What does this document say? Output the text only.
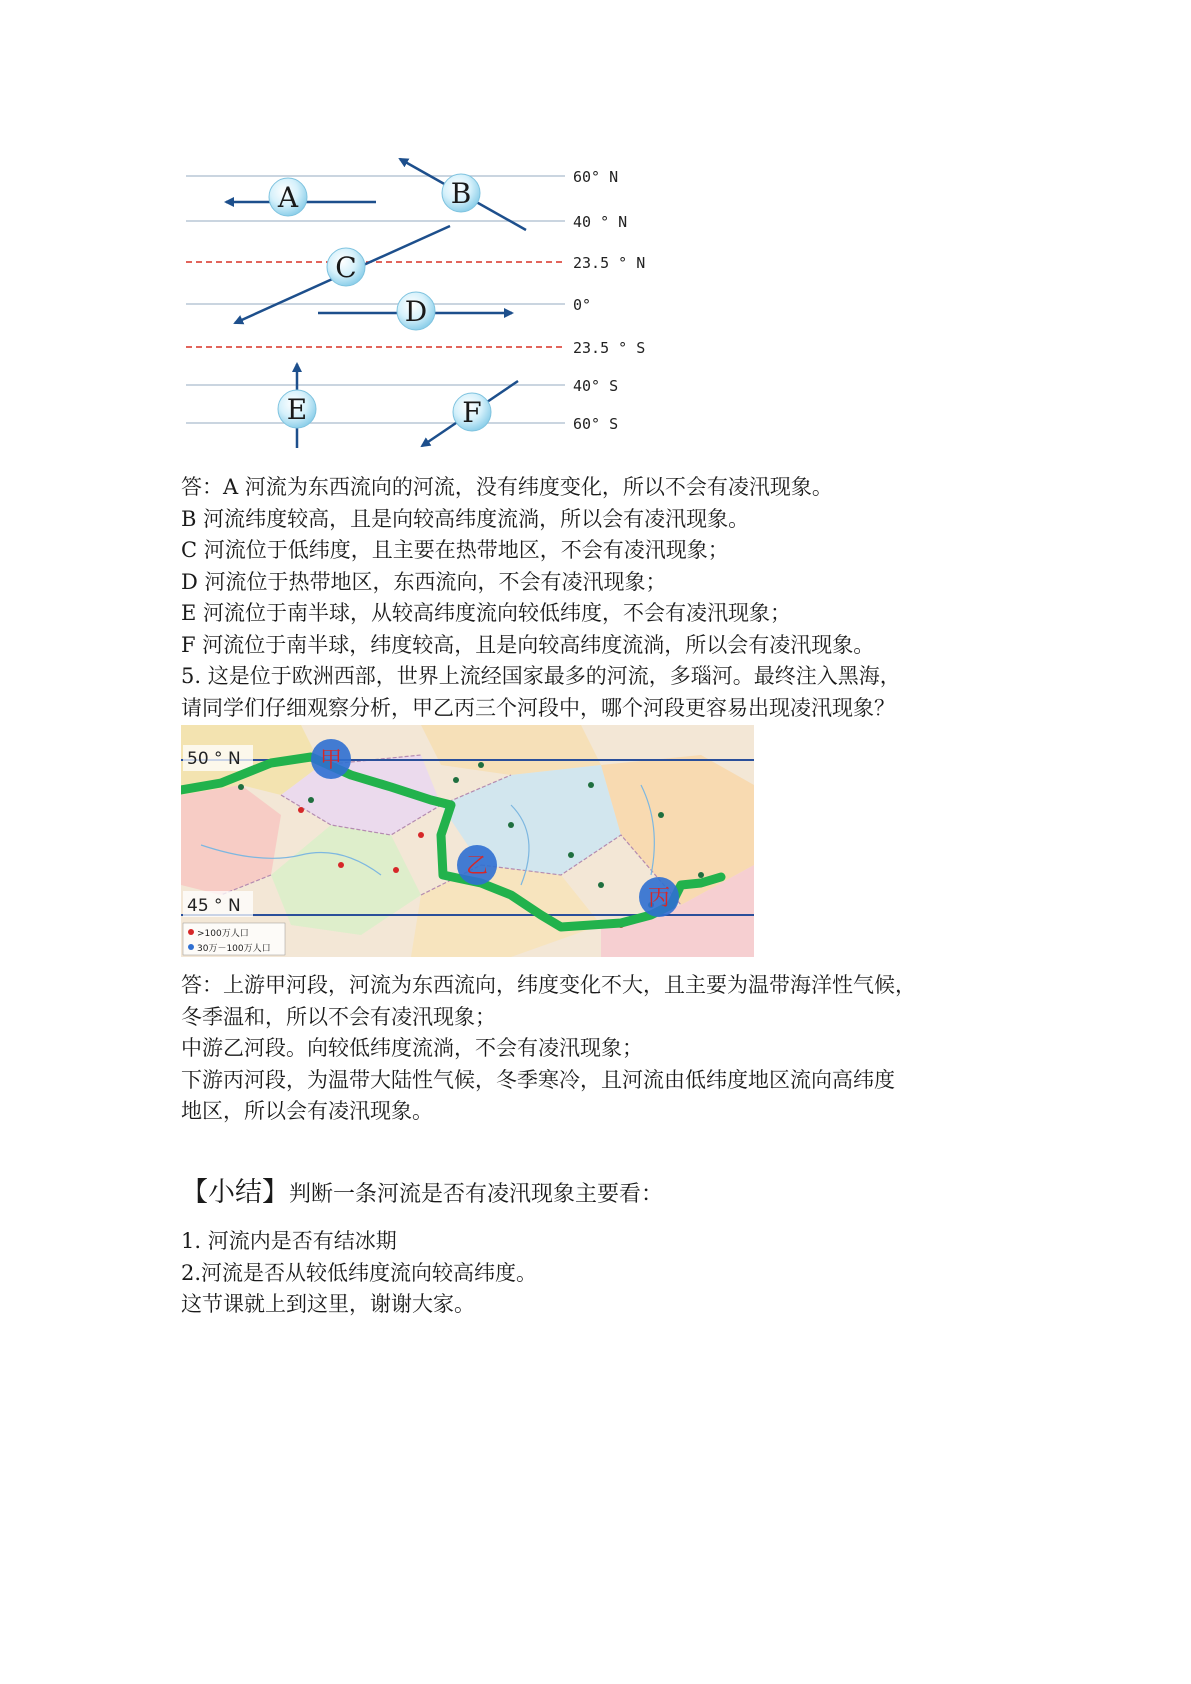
60° N
40 ° N
23.5 ° N
0°
23.5 ° S
40° S
60° S
A	B
C
D
E	F
答：A 河流为东西流向的河流，没有纬度变化，所以不会有凌汛现象。
B 河流纬度较高，且是向较高纬度流淌，所以会有凌汛现象。
C 河流位于低纬度，且主要在热带地区，不会有凌汛现象；
D 河流位于热带地区，东西流向，不会有凌汛现象；
E 河流位于南半球，从较高纬度流向较低纬度，不会有凌汛现象；
F 河流位于南半球，纬度较高，且是向较高纬度流淌，所以会有凌汛现象。
5. 这是位于欧洲西部，世界上流经国家最多的河流，多瑙河。最终注入黑海，
请同学们仔细观察分析，甲乙丙三个河段中，哪个河段更容易出现凌汛现象？
50 ° N
45 ° N
甲
乙
丙
>100万人口
30万－100万人口
答：上游甲河段，河流为东西流向，纬度变化不大，且主要为温带海洋性气候，
冬季温和，所以不会有凌汛现象；
中游乙河段。向较低纬度流淌，不会有凌汛现象；
下游丙河段，为温带大陆性气候，冬季寒冷，且河流由低纬度地区流向高纬度
地区，所以会有凌汛现象。
【小结】判断一条河流是否有凌汛现象主要看：
1. 河流内是否有结冰期
2.河流是否从较低纬度流向较高纬度。
这节课就上到这里，谢谢大家。
